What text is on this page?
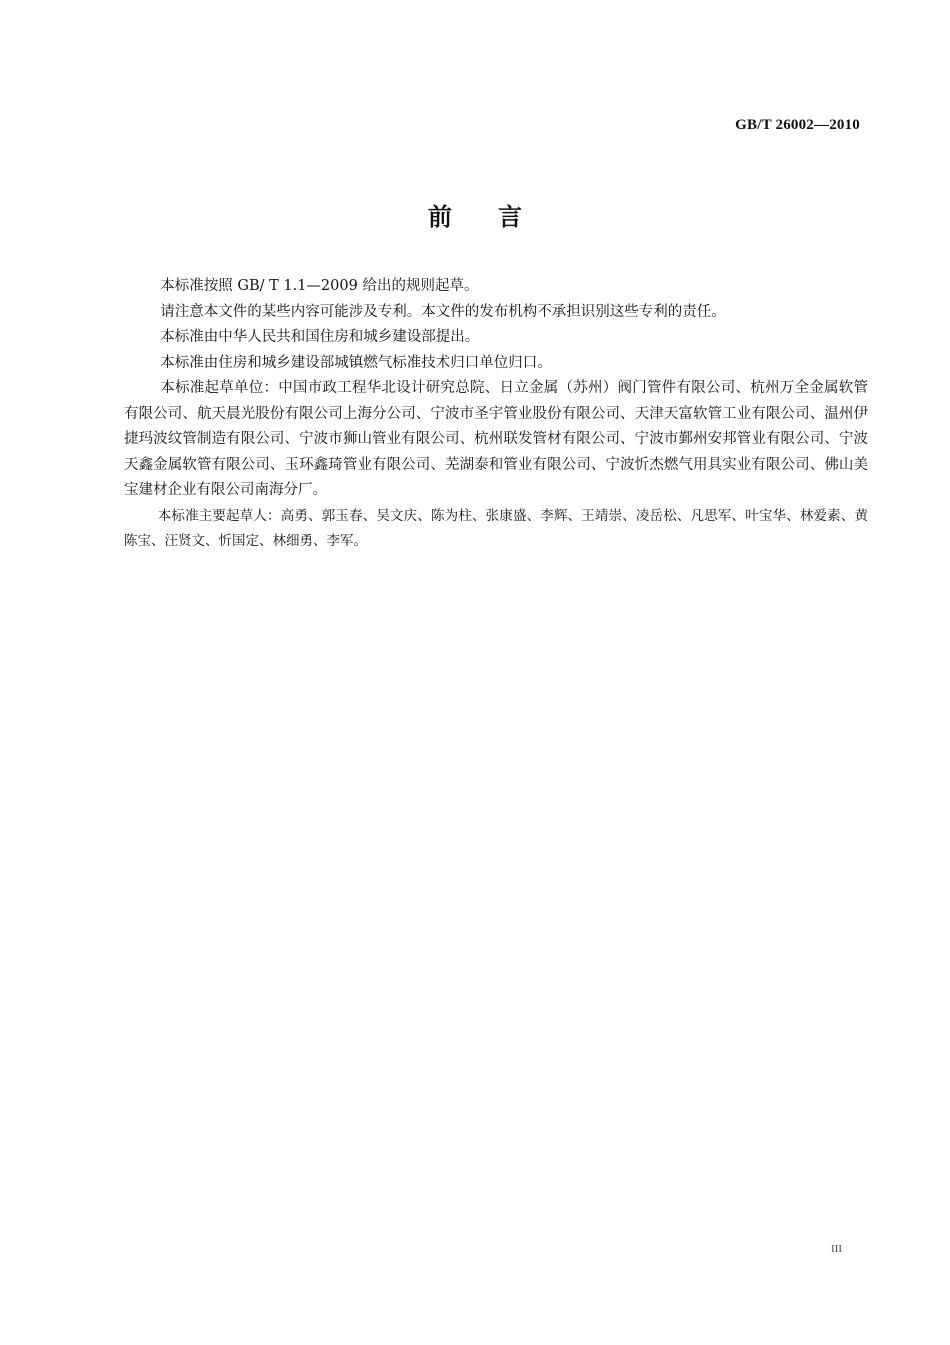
GB/T 26002—2010
前言

本标准按照 GB/ T 1.1—2009 给出的规则起草。

请注意本文件的某些内容可能涉及专利。本文件的发布机构不承担识别这些专利的责任。

本标准由中华人民共和国住房和城乡建设部提出。

本标准由住房和城乡建设部城镇燃气标准技术归口单位归口。

本标准起草单位：中国市政工程华北设计研究总院、日立金属（苏州）阀门管件有限公司、杭州万全金属软管有限公司、航天晨光股份有限公司上海分公司、宁波市圣宇管业股份有限公司、天津天富软管工业有限公司、温州伊捷玛波纹管制造有限公司、宁波市狮山管业有限公司、杭州联发管材有限公司、宁波市鄞州安邦管业有限公司、宁波天鑫金属软管有限公司、玉环鑫琦管业有限公司、芜湖泰和管业有限公司、宁波忻杰燃气用具实业有限公司、佛山美宝建材企业有限公司南海分厂。

本标准主要起草人：高勇、郭玉春、吴文庆、陈为柱、张康盛、李辉、王靖崇、凌岳松、凡思军、叶宝华、林爱素、黄陈宝、汪贤文、忻国定、林细勇、李军。

III
